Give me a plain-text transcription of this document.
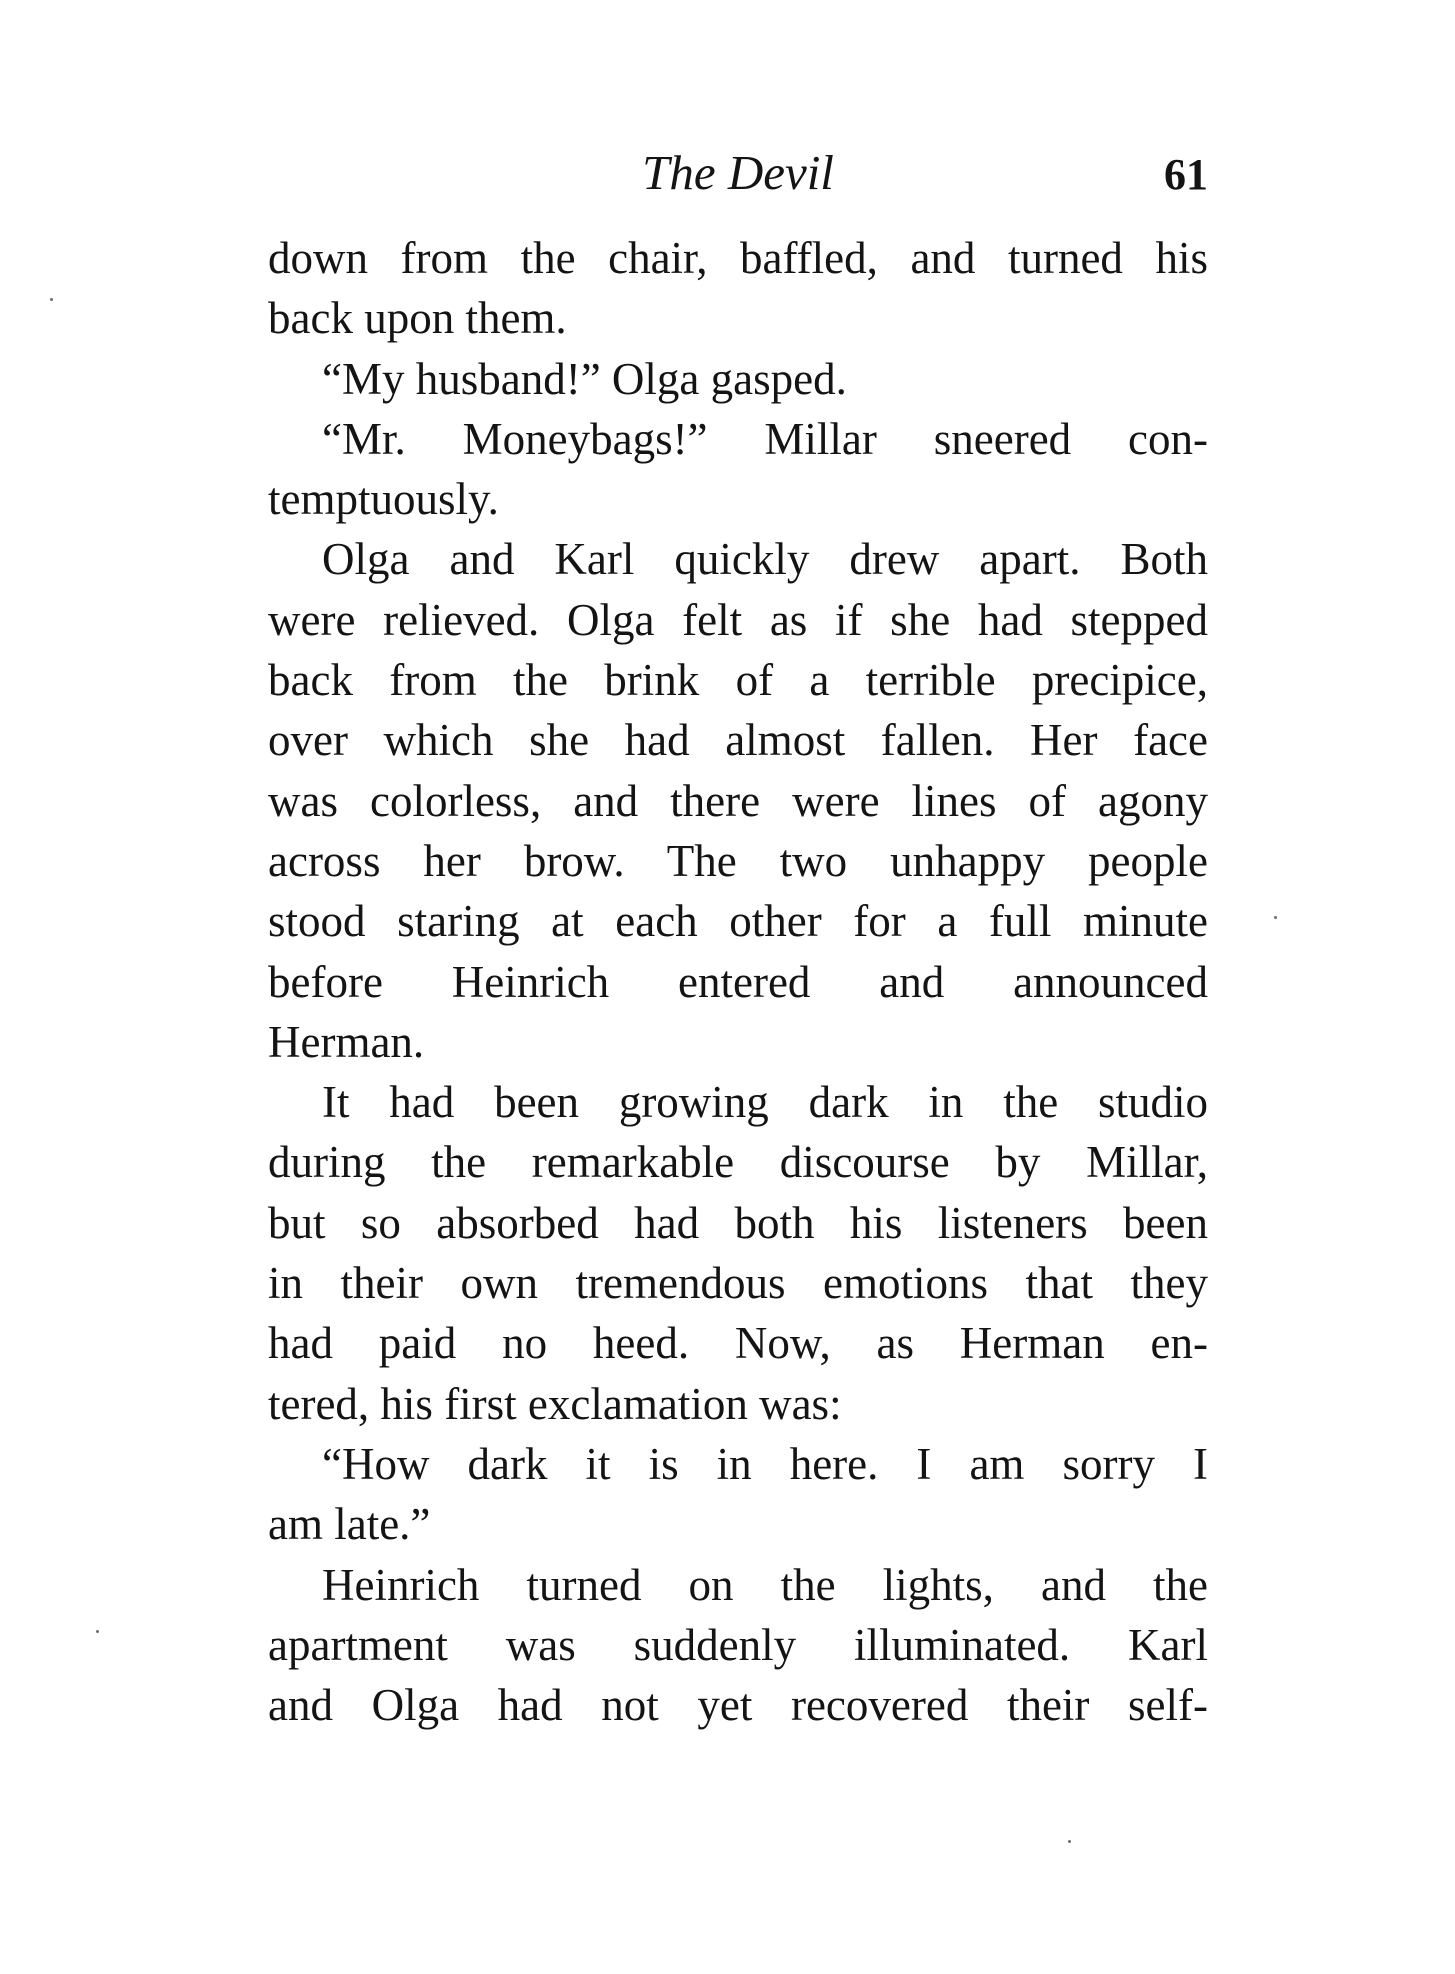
The Devil	61
down from the chair, baffled, and turned his
back upon them.
“My husband!” Olga gasped.
“Mr. Moneybags!” Millar sneered con-
temptuously.
Olga and Karl quickly drew apart. Both
were relieved. Olga felt as if she had stepped
back from the brink of a terrible precipice,
over which she had almost fallen. Her face
was colorless, and there were lines of agony
across her brow. The two unhappy people
stood staring at each other for a full minute
before Heinrich entered and announced
Herman.
It had been growing dark in the studio
during the remarkable discourse by Millar,
but so absorbed had both his listeners been
in their own tremendous emotions that they
had paid no heed. Now, as Herman en-
tered, his first exclamation was:
“How dark it is in here. I am sorry I
am late.”
Heinrich turned on the lights, and the
apartment was suddenly illuminated. Karl
and Olga had not yet recovered their self-
